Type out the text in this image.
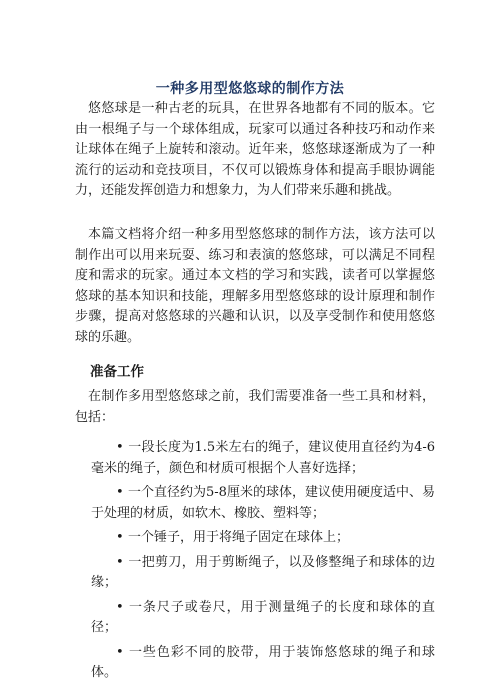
一种多用型悠悠球的制作方法

悠悠球是一种古老的玩具，在世界各地都有不同的版本。它由一根绳子与一个球体组成，玩家可以通过各种技巧和动作来让球体在绳子上旋转和滚动。近年来，悠悠球逐渐成为了一种流行的运动和竞技项目，不仅可以锻炼身体和提高手眼协调能力，还能发挥创造力和想象力，为人们带来乐趣和挑战。

本篇文档将介绍一种多用型悠悠球的制作方法，该方法可以制作出可以用来玩耍、练习和表演的悠悠球，可以满足不同程度和需求的玩家。通过本文档的学习和实践，读者可以掌握悠悠球的基本知识和技能，理解多用型悠悠球的设计原理和制作步骤，提高对悠悠球的兴趣和认识，以及享受制作和使用悠悠球的乐趣。

准备工作

在制作多用型悠悠球之前，我们需要准备一些工具和材料，包括：

• 一段长度为1.5米左右的绳子，建议使用直径约为4-6毫米的绳子，颜色和材质可根据个人喜好选择；
• 一个直径约为5-8厘米的球体，建议使用硬度适中、易于处理的材质，如软木、橡胶、塑料等；
• 一个锤子，用于将绳子固定在球体上；
• 一把剪刀，用于剪断绳子，以及修整绳子和球体的边缘；
• 一条尺子或卷尺，用于测量绳子的长度和球体的直径；
• 一些色彩不同的胶带，用于装饰悠悠球的绳子和球体。
